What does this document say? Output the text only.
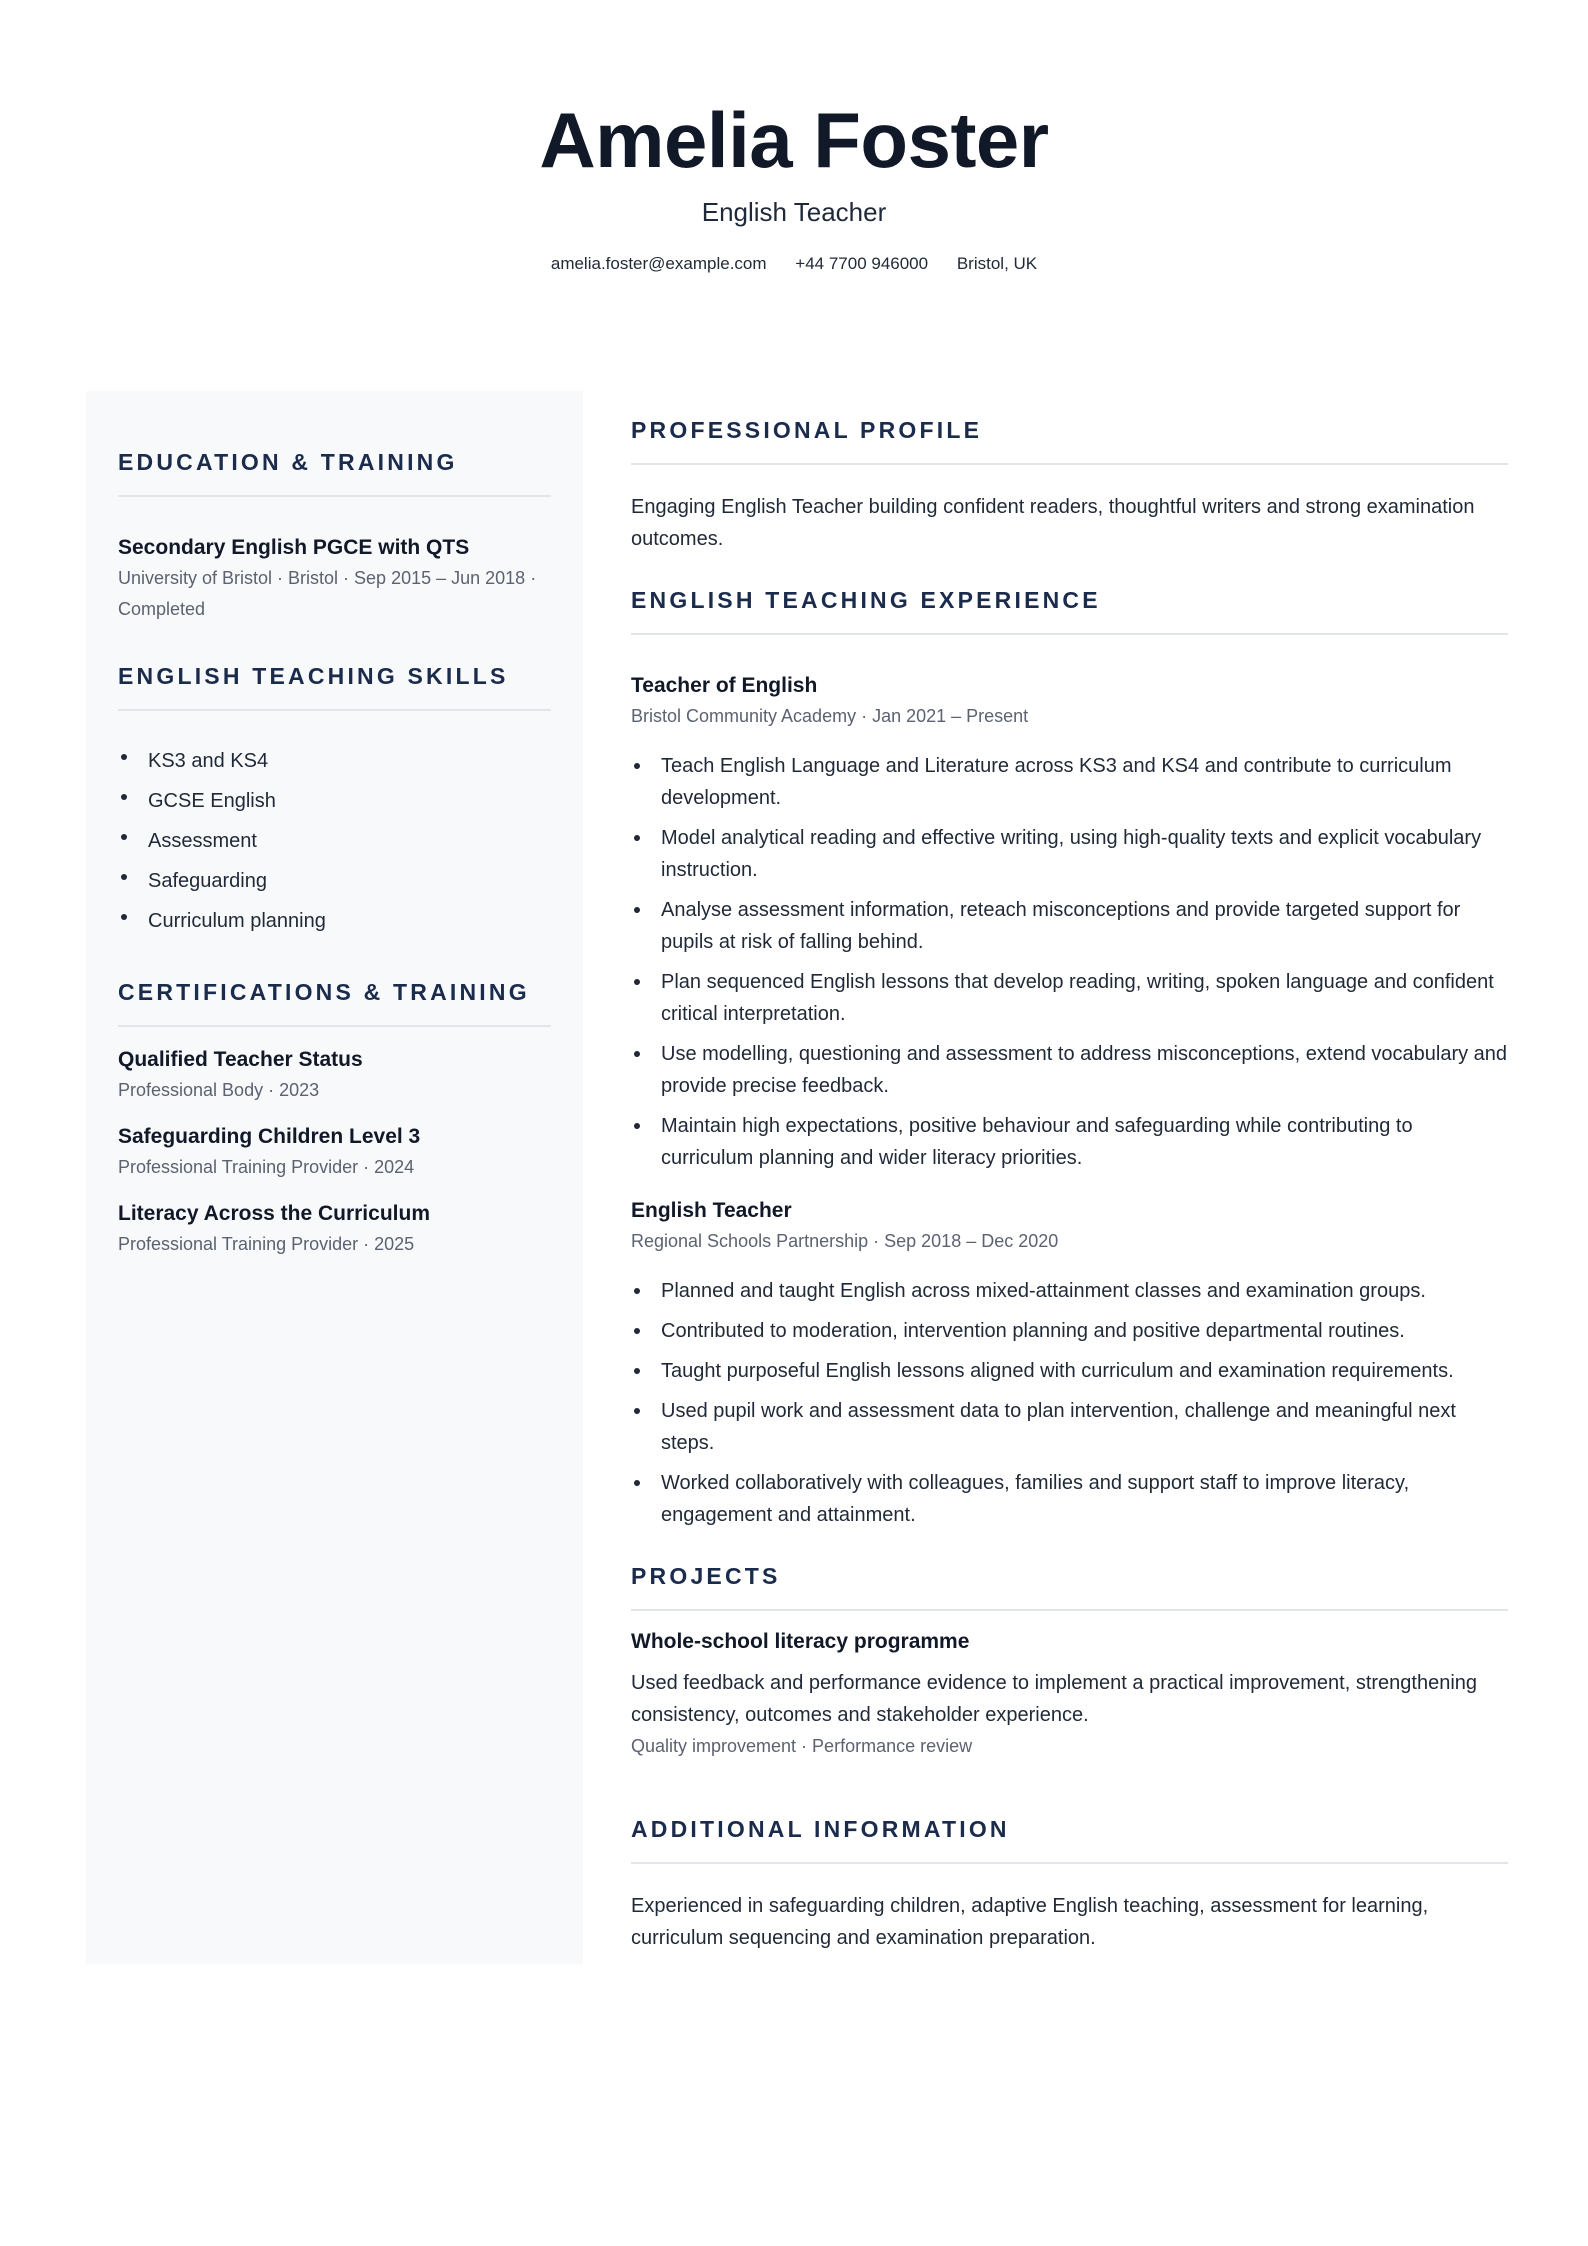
Amelia Foster
English Teacher
amelia.foster@example.com +44 7700 946000 Bristol, UK
EDUCATION & TRAINING
Secondary English PGCE with QTS
University of Bristol · Bristol · Sep 2015 – Jun 2018 · Completed
ENGLISH TEACHING SKILLS
KS3 and KS4
GCSE English
Assessment
Safeguarding
Curriculum planning
CERTIFICATIONS & TRAINING
Qualified Teacher Status
Professional Body · 2023
Safeguarding Children Level 3
Professional Training Provider · 2024
Literacy Across the Curriculum
Professional Training Provider · 2025
PROFESSIONAL PROFILE
Engaging English Teacher building confident readers, thoughtful writers and strong examination outcomes.
ENGLISH TEACHING EXPERIENCE
Teacher of English
Bristol Community Academy · Jan 2021 – Present
Teach English Language and Literature across KS3 and KS4 and contribute to curriculum development.
Model analytical reading and effective writing, using high-quality texts and explicit vocabulary instruction.
Analyse assessment information, reteach misconceptions and provide targeted support for pupils at risk of falling behind.
Plan sequenced English lessons that develop reading, writing, spoken language and confident critical interpretation.
Use modelling, questioning and assessment to address misconceptions, extend vocabulary and provide precise feedback.
Maintain high expectations, positive behaviour and safeguarding while contributing to curriculum planning and wider literacy priorities.
English Teacher
Regional Schools Partnership · Sep 2018 – Dec 2020
Planned and taught English across mixed-attainment classes and examination groups.
Contributed to moderation, intervention planning and positive departmental routines.
Taught purposeful English lessons aligned with curriculum and examination requirements.
Used pupil work and assessment data to plan intervention, challenge and meaningful next steps.
Worked collaboratively with colleagues, families and support staff to improve literacy, engagement and attainment.
PROJECTS
Whole-school literacy programme
Used feedback and performance evidence to implement a practical improvement, strengthening consistency, outcomes and stakeholder experience.
Quality improvement · Performance review
ADDITIONAL INFORMATION
Experienced in safeguarding children, adaptive English teaching, assessment for learning, curriculum sequencing and examination preparation.
